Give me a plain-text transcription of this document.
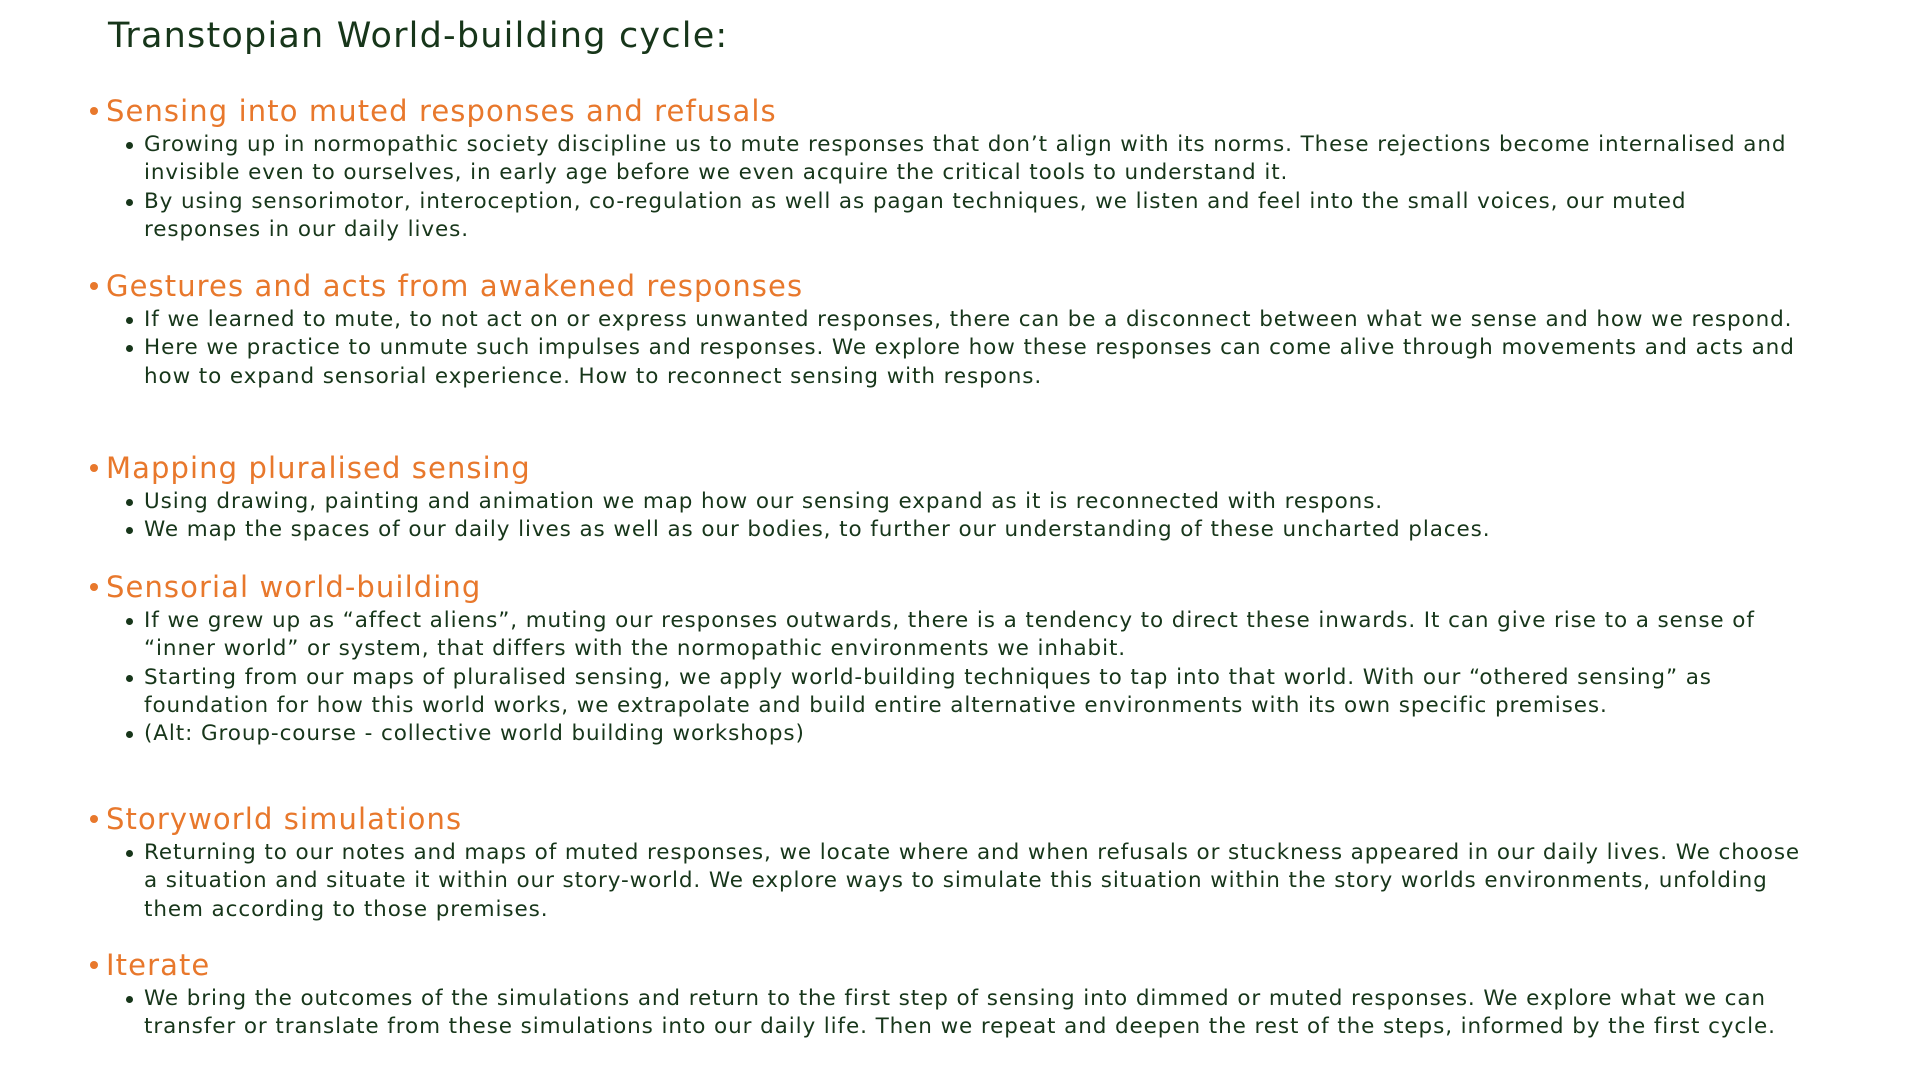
Transtopian World-building cycle:
Sensing into muted responses and refusals
Growing up in normopathic society discipline us to mute responses that don’t align with its norms. These rejections become internalised and invisible even to ourselves, in early age before we even acquire the critical tools to understand it.
By using sensorimotor, interoception, co-regulation as well as pagan techniques, we listen and feel into the small voices, our muted responses in our daily lives.
Gestures and acts from awakened responses
If we learned to mute, to not act on or express unwanted responses, there can be a disconnect between what we sense and how we respond.
Here we practice to unmute such impulses and responses. We explore how these responses can come alive through movements and acts and how to expand sensorial experience. How to reconnect sensing with respons.
Mapping pluralised sensing
Using drawing, painting and animation we map how our sensing expand as it is reconnected with respons.
We map the spaces of our daily lives as well as our bodies, to further our understanding of these uncharted places.
Sensorial world-building
If we grew up as “affect aliens”, muting our responses outwards, there is a tendency to direct these inwards. It can give rise to a sense of “inner world” or system, that differs with the normopathic environments we inhabit.
Starting from our maps of pluralised sensing, we apply world-building techniques to tap into that world. With our “othered sensing” as foundation for how this world works, we extrapolate and build entire alternative environments with its own specific premises.
(Alt: Group-course - collective world building workshops)
Storyworld simulations
Returning to our notes and maps of muted responses, we locate where and when refusals or stuckness appeared in our daily lives. We choose a situation and situate it within our story-world. We explore ways to simulate this situation within the story worlds environments, unfolding them according to those premises.
Iterate
We bring the outcomes of the simulations and return to the first step of sensing into dimmed or muted responses. We explore what we can transfer or translate from these simulations into our daily life. Then we repeat and deepen the rest of the steps, informed by the first cycle.
